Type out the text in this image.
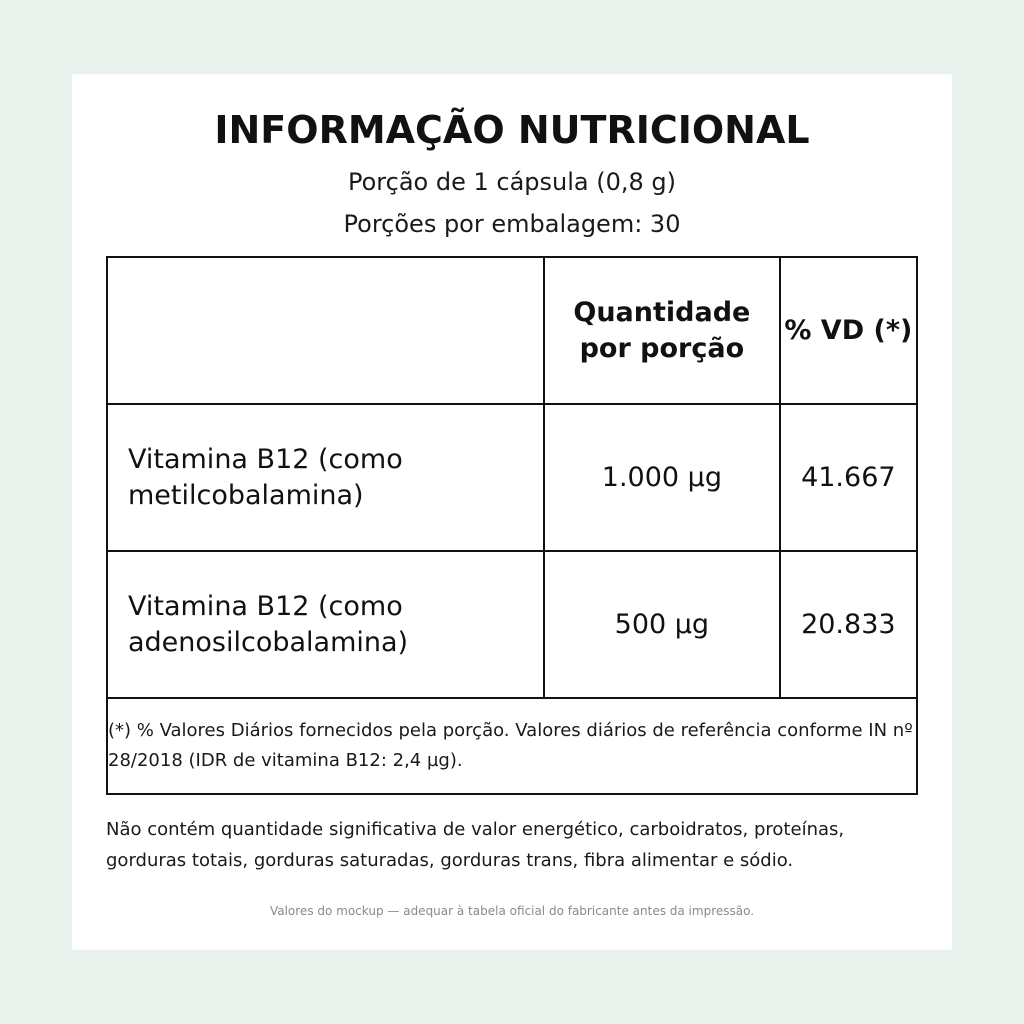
INFORMAÇÃO NUTRICIONAL
Porção de 1 cápsula (0,8 g)
Porções por embalagem: 30
	Quantidade por porção	% VD (*)
Vitamina B12 (como metilcobalamina)	1.000 µg	41.667
Vitamina B12 (como adenosilcobalamina)	500 µg	20.833
(*) % Valores Diários fornecidos pela porção. Valores diários de referência conforme IN nº 28/2018 (IDR de vitamina B12: 2,4 µg).		
Não contém quantidade significativa de valor energético, carboidratos, proteínas, gorduras totais, gorduras saturadas, gorduras trans, fibra alimentar e sódio.
Valores do mockup — adequar à tabela oficial do fabricante antes da impressão.
